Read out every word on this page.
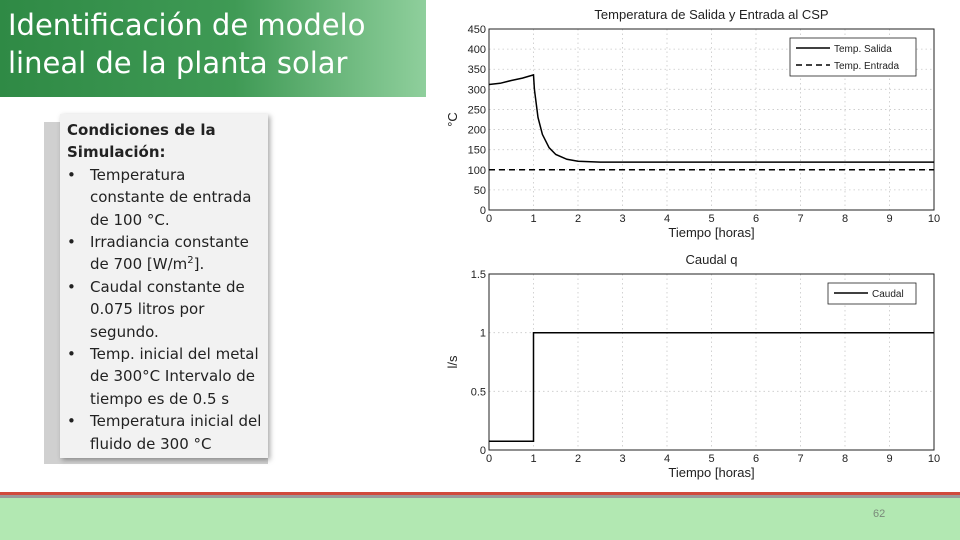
Identificación de modelo
lineal de la planta solar
Condiciones de la Simulación:
• Temperatura constante de entrada de 100 °C.
• Irradiancia constante de 700 $[W/m^2]$.
• Caudal constante de 0.075 litros por segundo.
• Temp. inicial del metal de 300°C Intervalo de tiempo es de 0.5 s
• Temperatura inicial del fluido de 300 °C
0	1	2	3	4	5	6	7	8	9	10
0
50
100
150
200
250
300
350
400
450
Temperatura de Salida y Entrada al CSP
Tiempo [horas]
°C
Temp. Salida
Temp. Entrada
0	1	2	3	4	5	6	7	8	9	10
0
0.5
1
1.5
Caudal q
Tiempo [horas]
l/s
Caudal
62
